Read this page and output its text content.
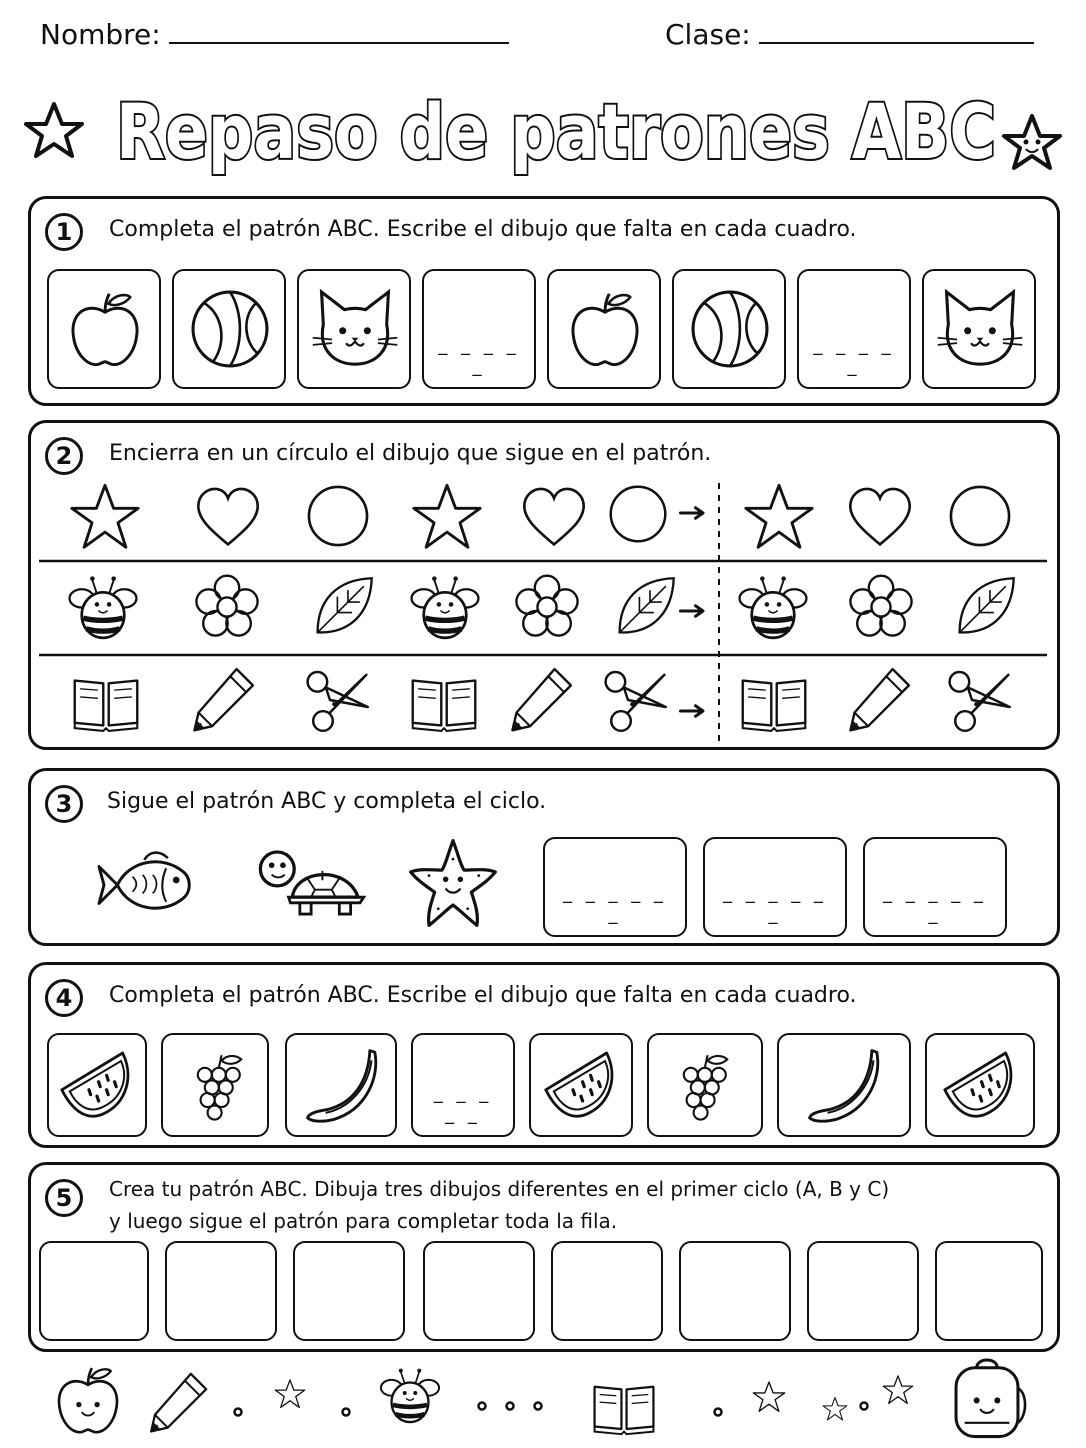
Nombre:	Clase:
Repaso de patrones ABC
1	Completa el patrón ABC. Escribe el dibujo que falta en cada cuadro.
_ _ _ _ _
_ _ _ _ _
2	Encierra en un círculo el dibujo que sigue en el patrón.
3	Sigue el patrón ABC y completa el ciclo.
_ _ _ _ _ _
_ _ _ _ _ _
_ _ _ _ _ _
4	Completa el patrón ABC. Escribe el dibujo que falta en cada cuadro.
_ _ _ _ _
5	Crea tu patrón ABC. Dibuja tres dibujos diferentes en el primer ciclo (A, B y C)
y luego sigue el patrón para completar toda la fila.
